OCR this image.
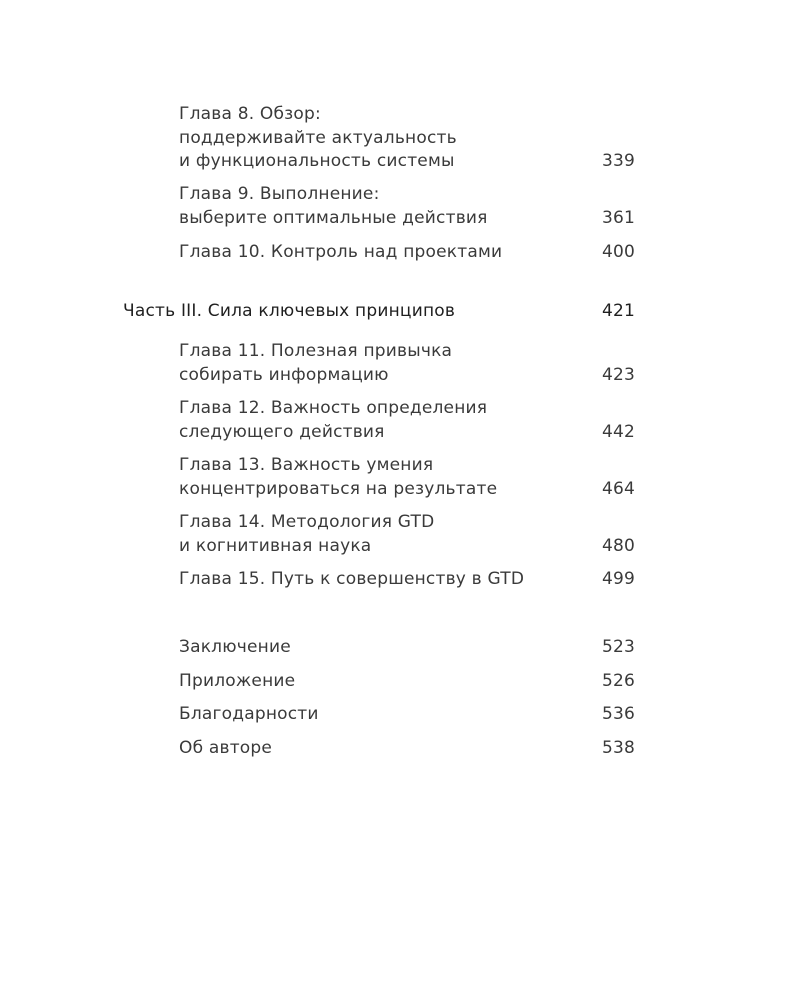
Глава 8. Обзор:
поддерживайте актуальность
и функциональность системы	339
Глава 9. Выполнение:
выберите оптимальные действия	361
Глава 10. Контроль над проектами	400
Часть III. Сила ключевых принципов	421
Глава 11. Полезная привычка
собирать информацию	423
Глава 12. Важность определения
следующего действия	442
Глава 13. Важность умения
концентрироваться на результате	464
Глава 14. Методология GTD
и когнитивная наука	480
Глава 15. Путь к совершенству в GTD	499
Заключение	523
Приложение	526
Благодарности	536
Об авторе	538
